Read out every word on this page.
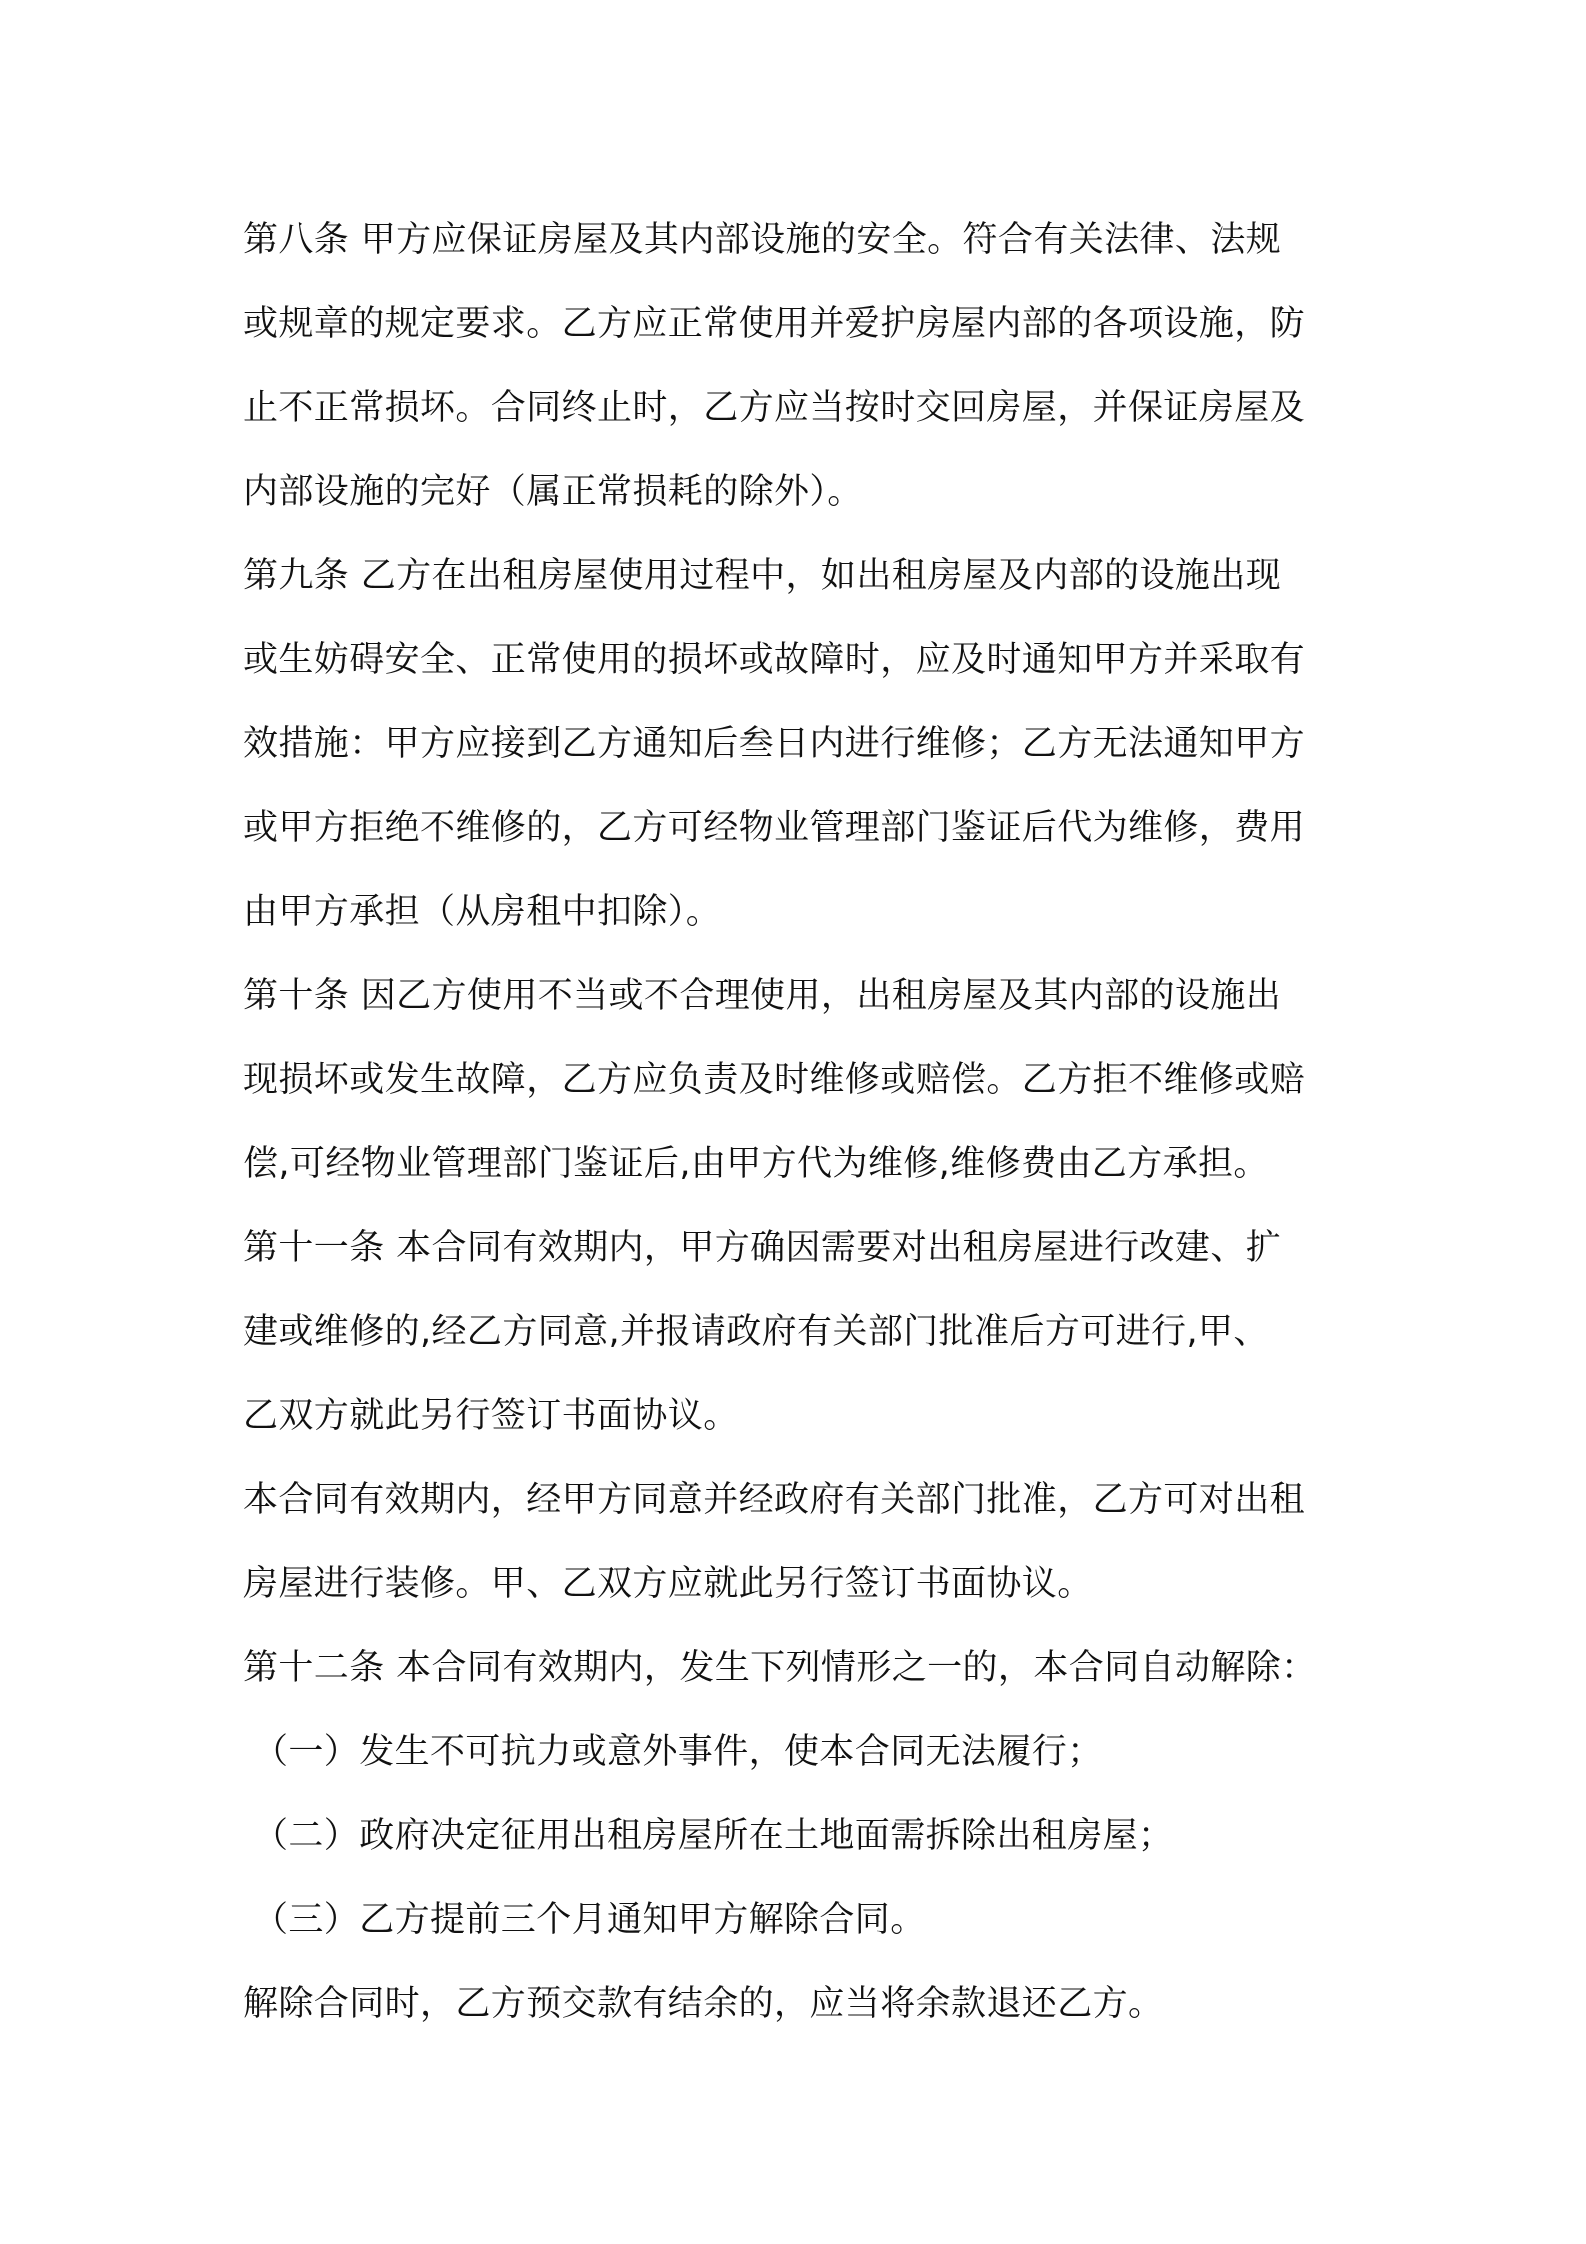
第八条 甲方应保证房屋及其内部设施的安全。符合有关法律、法规
或规章的规定要求。乙方应正常使用并爱护房屋内部的各项设施，防
止不正常损坏。合同终止时，乙方应当按时交回房屋，并保证房屋及
内部设施的完好（属正常损耗的除外）。
第九条 乙方在出租房屋使用过程中，如出租房屋及内部的设施出现
或生妨碍安全、正常使用的损坏或故障时，应及时通知甲方并采取有
效措施：甲方应接到乙方通知后叁日内进行维修；乙方无法通知甲方
或甲方拒绝不维修的，乙方可经物业管理部门鉴证后代为维修，费用
由甲方承担（从房租中扣除）。
第十条 因乙方使用不当或不合理使用，出租房屋及其内部的设施出
现损坏或发生故障，乙方应负责及时维修或赔偿。乙方拒不维修或赔
偿,可经物业管理部门鉴证后,由甲方代为维修,维修费由乙方承担。
第十一条 本合同有效期内，甲方确因需要对出租房屋进行改建、扩
建或维修的,经乙方同意,并报请政府有关部门批准后方可进行,甲、
乙双方就此另行签订书面协议。
本合同有效期内，经甲方同意并经政府有关部门批准，乙方可对出租
房屋进行装修。甲、乙双方应就此另行签订书面协议。
第十二条 本合同有效期内，发生下列情形之一的，本合同自动解除：
（一）发生不可抗力或意外事件，使本合同无法履行；
（二）政府决定征用出租房屋所在土地面需拆除出租房屋；
（三）乙方提前三个月通知甲方解除合同。
解除合同时，乙方预交款有结余的，应当将余款退还乙方。
